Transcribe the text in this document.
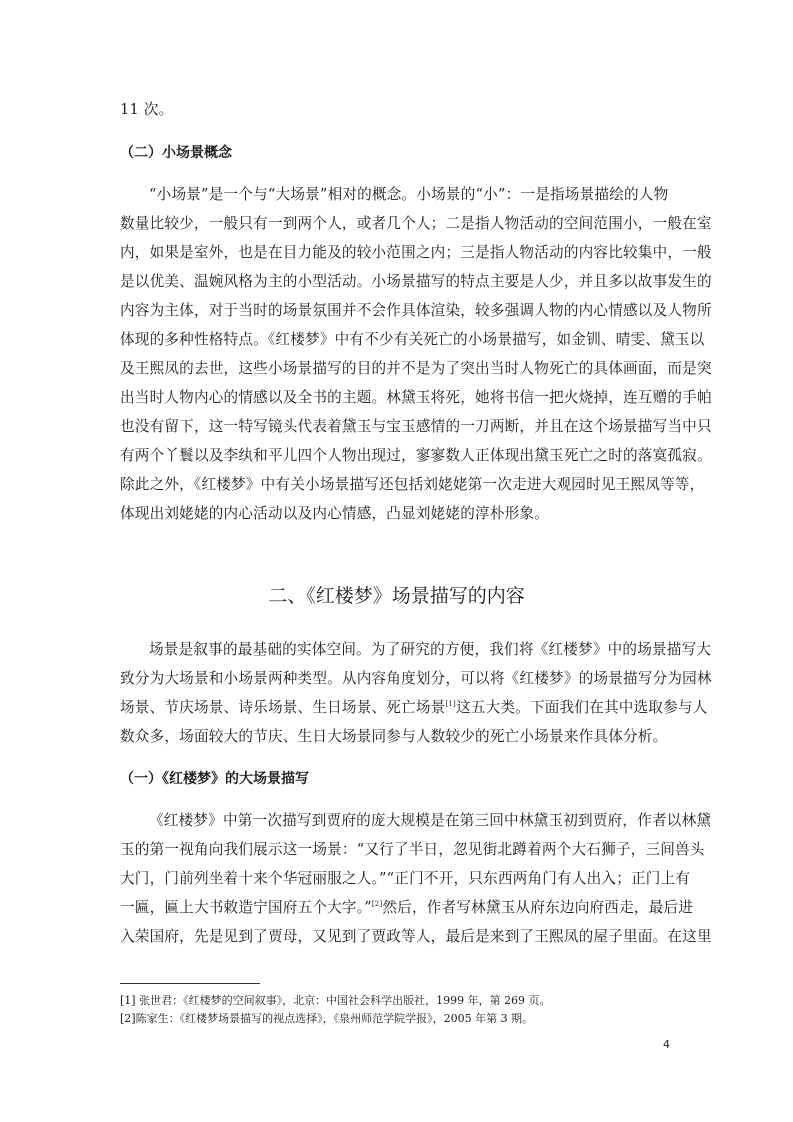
11 次。
（二）小场景概念
“小场景”是一个与“大场景”相对的概念。小场景的“小”：一是指场景描绘的人物
数量比较少，一般只有一到两个人，或者几个人；二是指人物活动的空间范围小，一般在室
内，如果是室外，也是在目力能及的较小范围之内；三是指人物活动的内容比较集中，一般
是以优美、温婉风格为主的小型活动。小场景描写的特点主要是人少，并且多以故事发生的
内容为主体，对于当时的场景氛围并不会作具体渲染，较多强调人物的内心情感以及人物所
体现的多种性格特点。《红楼梦》中有不少有关死亡的小场景描写，如金钏、晴雯、黛玉以
及王熙凤的去世，这些小场景描写的目的并不是为了突出当时人物死亡的具体画面，而是突
出当时人物内心的情感以及全书的主题。林黛玉将死，她将书信一把火烧掉，连互赠的手帕
也没有留下，这一特写镜头代表着黛玉与宝玉感情的一刀两断，并且在这个场景描写当中只
有两个丫鬟以及李纨和平儿四个人物出现过，寥寥数人正体现出黛玉死亡之时的落寞孤寂。
除此之外，《红楼梦》中有关小场景描写还包括刘姥姥第一次走进大观园时见王熙凤等等，
体现出刘姥姥的内心活动以及内心情感，凸显刘姥姥的淳朴形象。
二、《红楼梦》场景描写的内容
场景是叙事的最基础的实体空间。为了研究的方便，我们将《红楼梦》中的场景描写大
致分为大场景和小场景两种类型。从内容角度划分，可以将《红楼梦》的场景描写分为园林
场景、节庆场景、诗乐场景、生日场景、死亡场景[1]这五大类。下面我们在其中选取参与人
数众多，场面较大的节庆、生日大场景同参与人数较少的死亡小场景来作具体分析。
（一）《红楼梦》的大场景描写
《红楼梦》中第一次描写到贾府的庞大规模是在第三回中林黛玉初到贾府，作者以林黛
玉的第一视角向我们展示这一场景：“又行了半日，忽见街北蹲着两个大石狮子，三间兽头
大门，门前列坐着十来个华冠丽服之人。”“正门不开，只东西两角门有人出入；正门上有
一匾，匾上大书敕造宁国府五个大字。”[2]然后，作者写林黛玉从府东边向府西走，最后进
入荣国府，先是见到了贾母，又见到了贾政等人，最后是来到了王熙凤的屋子里面。在这里
[1] 张世君：《红楼梦的空间叙事》，北京：中国社会科学出版社，1999 年，第 269 页。
[2]陈家生：《红楼梦场景描写的视点选择》，《泉州师范学院学报》，2005 年第 3 期。
4
